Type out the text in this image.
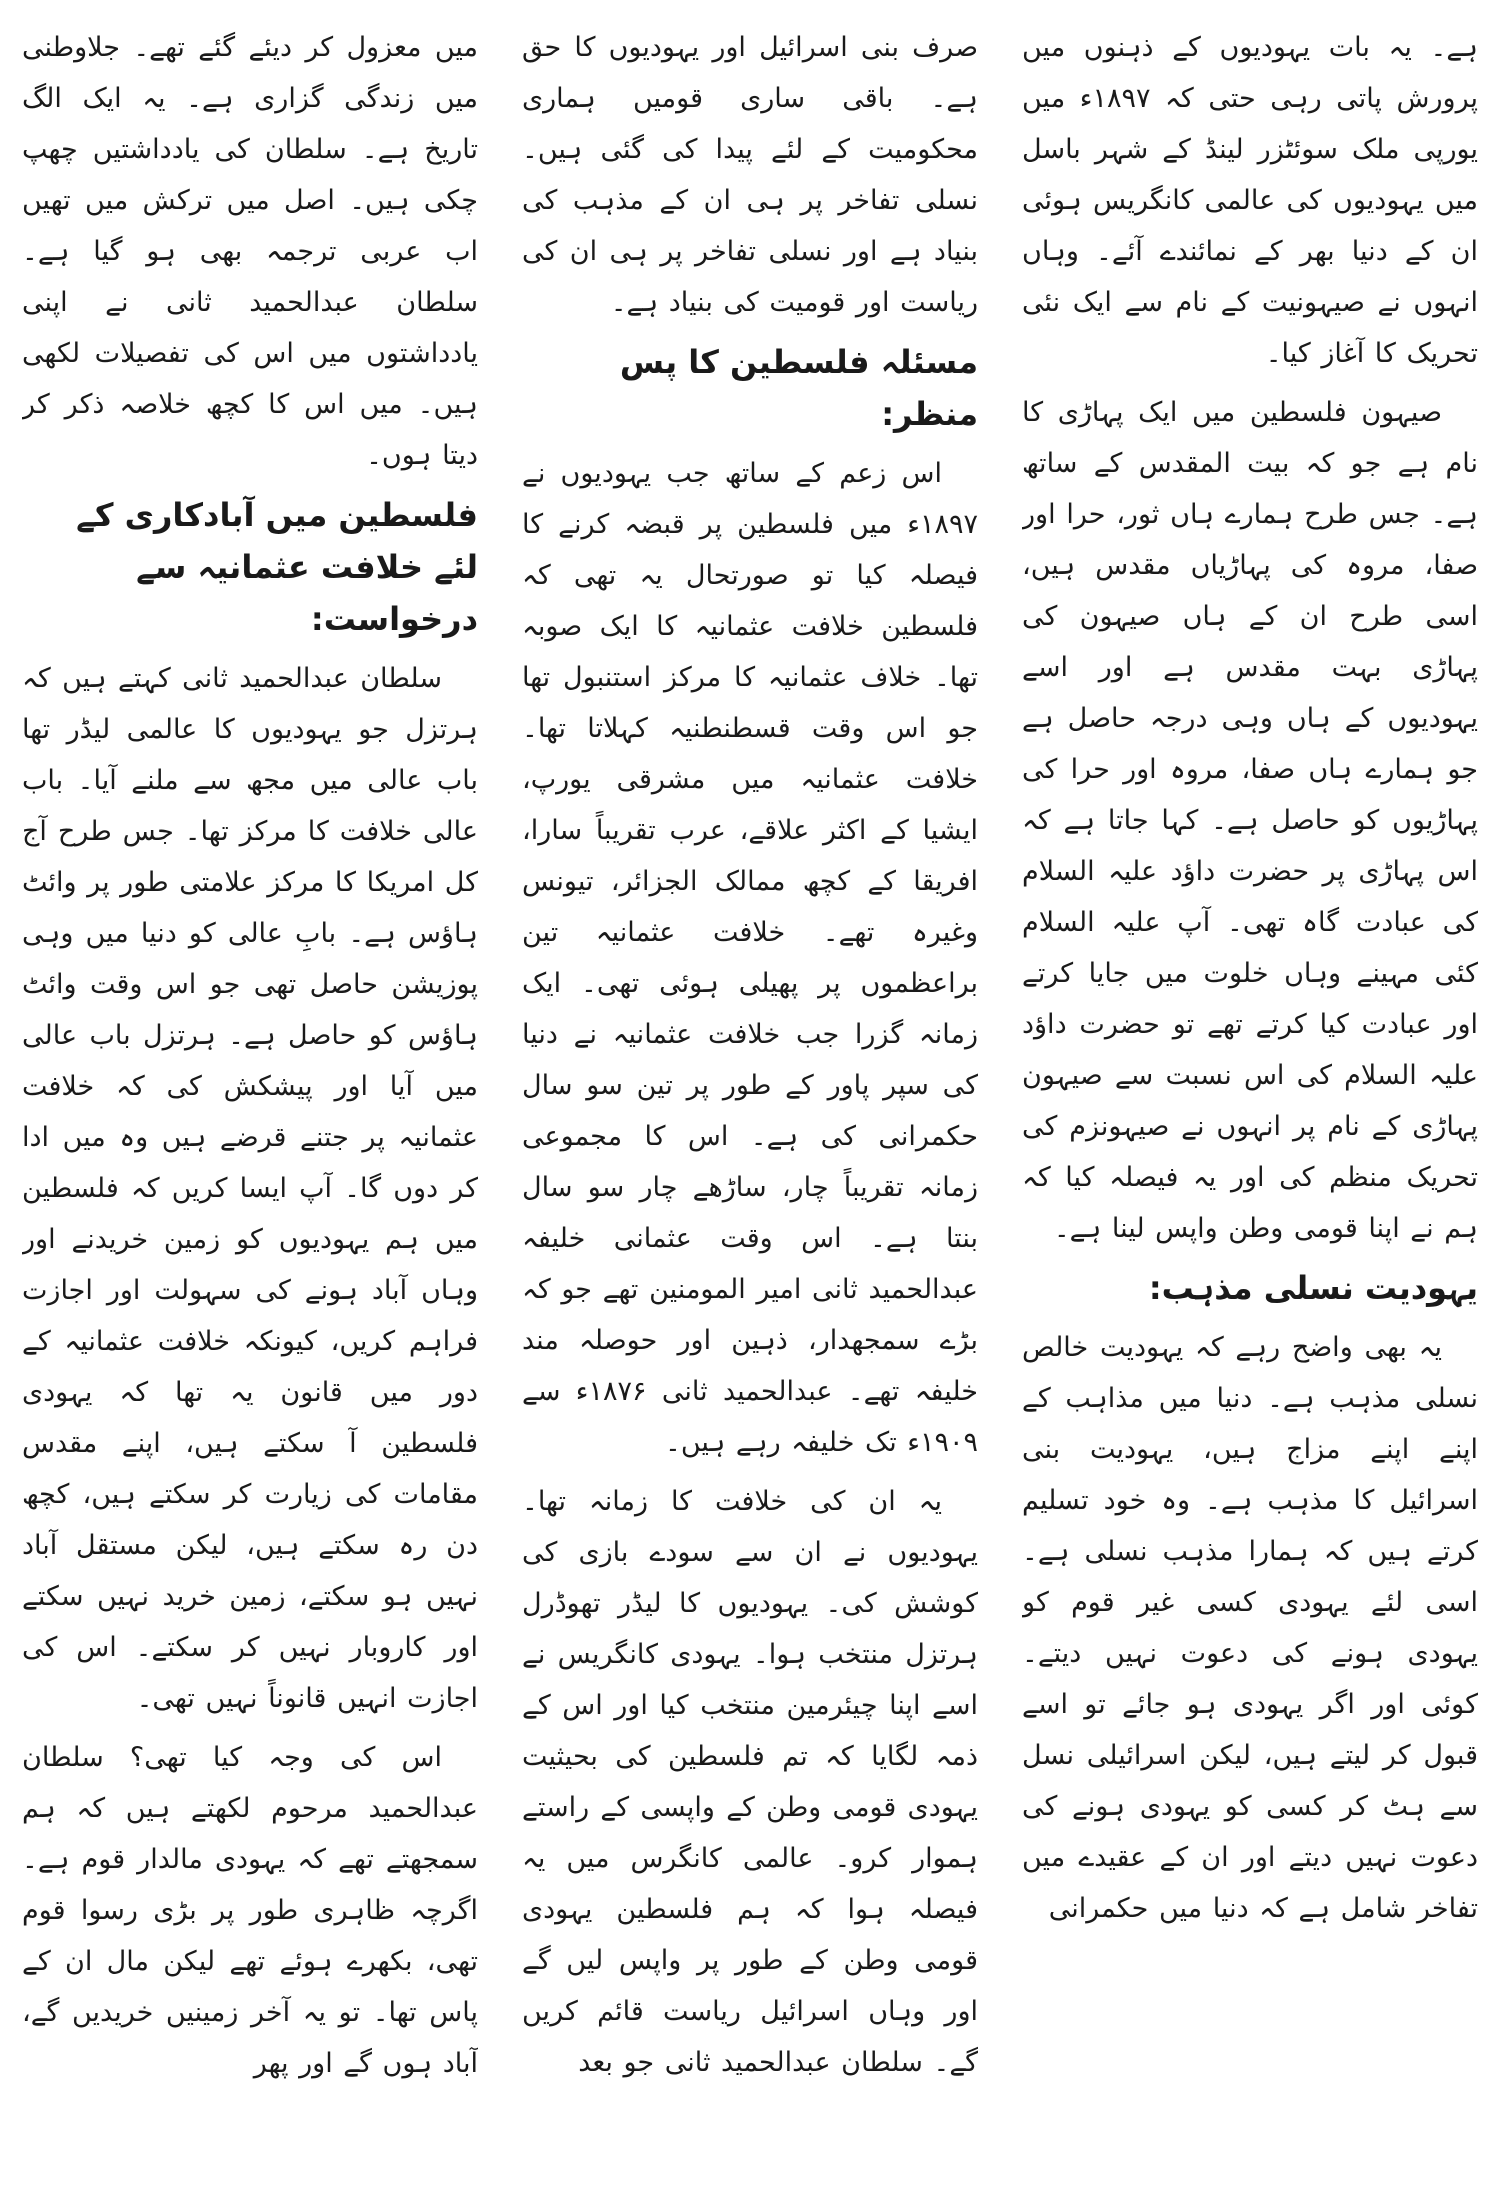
ہے۔ یہ بات یہودیوں کے ذہنوں میں پرورش پاتی رہی حتی کہ ۱۸۹۷ء میں یورپی ملک سوئٹزر لینڈ کے شہر باسل میں یہودیوں کی عالمی کانگریس ہوئی ان کے دنیا بھر کے نمائندے آئے۔ وہاں انہوں نے صیہونیت کے نام سے ایک نئی تحریک کا آغاز کیا۔

صیہون فلسطین میں ایک پہاڑی کا نام ہے جو کہ بیت المقدس کے ساتھ ہے۔ جس طرح ہمارے ہاں ثور، حرا اور صفا، مروہ کی پہاڑیاں مقدس ہیں، اسی طرح ان کے ہاں صیہون کی پہاڑی بہت مقدس ہے اور اسے یہودیوں کے ہاں وہی درجہ حاصل ہے جو ہمارے ہاں صفا، مروہ اور حرا کی پہاڑیوں کو حاصل ہے۔ کہا جاتا ہے کہ اس پہاڑی پر حضرت داؤد علیہ السلام کی عبادت گاہ تھی۔ آپ علیہ السلام کئی مہینے وہاں خلوت میں جایا کرتے اور عبادت کیا کرتے تھے تو حضرت داؤد علیہ السلام کی اس نسبت سے صیہون پہاڑی کے نام پر انہوں نے صیہونزم کی تحریک منظم کی اور یہ فیصلہ کیا کہ ہم نے اپنا قومی وطن واپس لینا ہے۔

یہودیت نسلی مذہب:

یہ بھی واضح رہے کہ یہودیت خالص نسلی مذہب ہے۔ دنیا میں مذاہب کے اپنے اپنے مزاج ہیں، یہودیت بنی اسرائیل کا مذہب ہے۔ وہ خود تسلیم کرتے ہیں کہ ہمارا مذہب نسلی ہے۔ اسی لئے یہودی کسی غیر قوم کو یہودی ہونے کی دعوت نہیں دیتے۔ کوئی اور اگر یہودی ہو جائے تو اسے قبول کر لیتے ہیں، لیکن اسرائیلی نسل سے ہٹ کر کسی کو یہودی ہونے کی دعوت نہیں دیتے اور ان کے عقیدے میں تفاخر شامل ہے کہ دنیا میں حکمرانی

صرف بنی اسرائیل اور یہودیوں کا حق ہے۔ باقی ساری قومیں ہماری محکومیت کے لئے پیدا کی گئی ہیں۔ نسلی تفاخر پر ہی ان کے مذہب کی بنیاد ہے اور نسلی تفاخر پر ہی ان کی ریاست اور قومیت کی بنیاد ہے۔

مسئلہ فلسطین کا پس منظر:

اس زعم کے ساتھ جب یہودیوں نے ۱۸۹۷ء میں فلسطین پر قبضہ کرنے کا فیصلہ کیا تو صورتحال یہ تھی کہ فلسطین خلافت عثمانیہ کا ایک صوبہ تھا۔ خلاف عثمانیہ کا مرکز استنبول تھا جو اس وقت قسطنطنیہ کہلاتا تھا۔ خلافت عثمانیہ میں مشرقی یورپ، ایشیا کے اکثر علاقے، عرب تقریباً سارا، افریقا کے کچھ ممالک الجزائر، تیونس وغیرہ تھے۔ خلافت عثمانیہ تین براعظموں پر پھیلی ہوئی تھی۔ ایک زمانہ گزرا جب خلافت عثمانیہ نے دنیا کی سپر پاور کے طور پر تین سو سال حکمرانی کی ہے۔ اس کا مجموعی زمانہ تقریباً چار، ساڑھے چار سو سال بنتا ہے۔ اس وقت عثمانی خلیفہ عبدالحمید ثانی امیر المومنین تھے جو کہ بڑے سمجھدار، ذہین اور حوصلہ مند خلیفہ تھے۔ عبدالحمید ثانی ۱۸۷۶ء سے ۱۹۰۹ء تک خلیفہ رہے ہیں۔

یہ ان کی خلافت کا زمانہ تھا۔ یہودیوں نے ان سے سودے بازی کی کوشش کی۔ یہودیوں کا لیڈر تھوڈرل ہرتزل منتخب ہوا۔ یہودی کانگریس نے اسے اپنا چیئرمین منتخب کیا اور اس کے ذمہ لگایا کہ تم فلسطین کی بحیثیت یہودی قومی وطن کے واپسی کے راستے ہموار کرو۔ عالمی کانگرس میں یہ فیصلہ ہوا کہ ہم فلسطین یہودی قومی وطن کے طور پر واپس لیں گے اور وہاں اسرائیل ریاست قائم کریں گے۔ سلطان عبدالحمید ثانی جو بعد

میں معزول کر دیئے گئے تھے۔ جلاوطنی میں زندگی گزاری ہے۔ یہ ایک الگ تاریخ ہے۔ سلطان کی یادداشتیں چھپ چکی ہیں۔ اصل میں ترکش میں تھیں اب عربی ترجمہ بھی ہو گیا ہے۔ سلطان عبدالحمید ثانی نے اپنی یادداشتوں میں اس کی تفصیلات لکھی ہیں۔ میں اس کا کچھ خلاصہ ذکر کر دیتا ہوں۔

فلسطین میں آبادکاری کے لئے خلافت عثمانیہ سے درخواست:

سلطان عبدالحمید ثانی کہتے ہیں کہ ہرتزل جو یہودیوں کا عالمی لیڈر تھا باب عالی میں مجھ سے ملنے آیا۔ باب عالی خلافت کا مرکز تھا۔ جس طرح آج کل امریکا کا مرکز علامتی طور پر وائٹ ہاؤس ہے۔ بابِ عالی کو دنیا میں وہی پوزیشن حاصل تھی جو اس وقت وائٹ ہاؤس کو حاصل ہے۔ ہرتزل باب عالی میں آیا اور پیشکش کی کہ خلافت عثمانیہ پر جتنے قرضے ہیں وہ میں ادا کر دوں گا۔ آپ ایسا کریں کہ فلسطین میں ہم یہودیوں کو زمین خریدنے اور وہاں آباد ہونے کی سہولت اور اجازت فراہم کریں، کیونکہ خلافت عثمانیہ کے دور میں قانون یہ تھا کہ یہودی فلسطین آ سکتے ہیں، اپنے مقدس مقامات کی زیارت کر سکتے ہیں، کچھ دن رہ سکتے ہیں، لیکن مستقل آباد نہیں ہو سکتے، زمین خرید نہیں سکتے اور کاروبار نہیں کر سکتے۔ اس کی اجازت انہیں قانوناً نہیں تھی۔

اس کی وجہ کیا تھی؟ سلطان عبدالحمید مرحوم لکھتے ہیں کہ ہم سمجھتے تھے کہ یہودی مالدار قوم ہے۔ اگرچہ ظاہری طور پر بڑی رسوا قوم تھی، بکھرے ہوئے تھے لیکن مال ان کے پاس تھا۔ تو یہ آخر زمینیں خریدیں گے، آباد ہوں گے اور پھر
